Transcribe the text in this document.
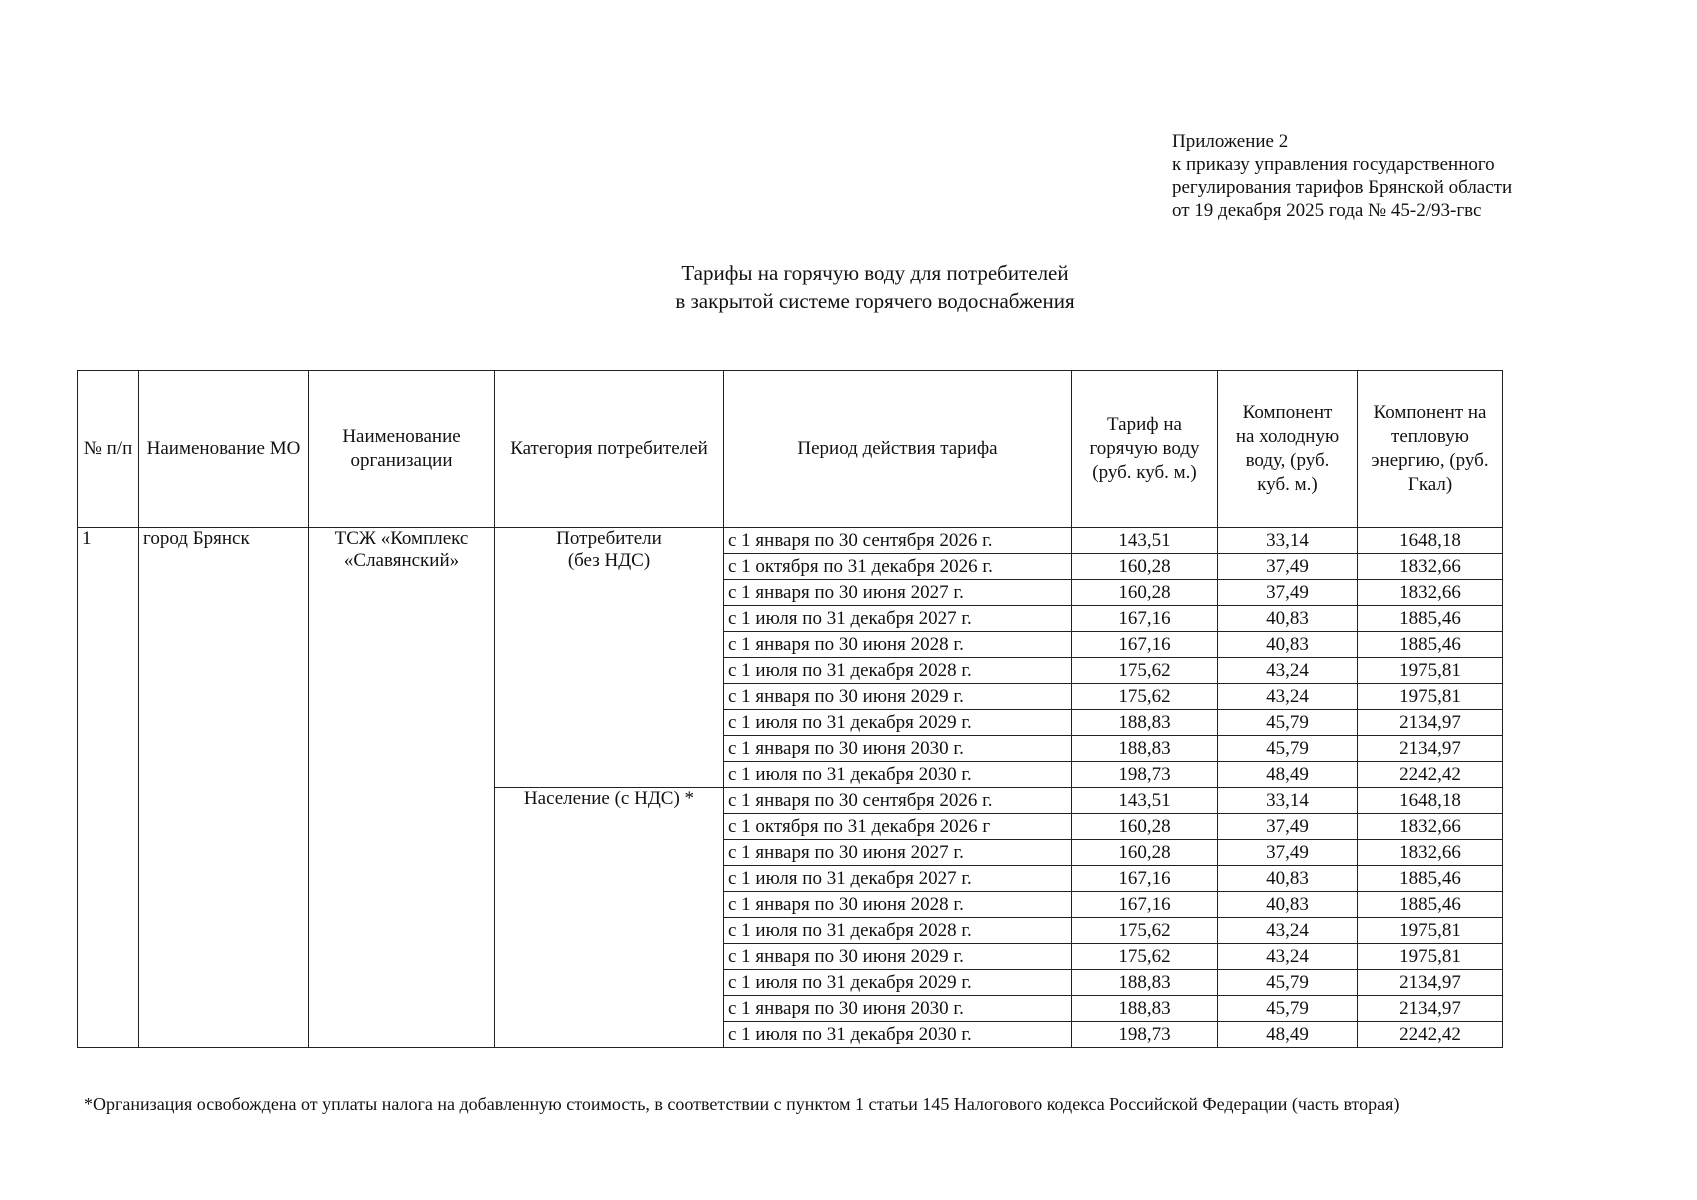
Приложение 2
к приказу управления государственного
регулирования тарифов Брянской области
от 19 декабря 2025 года № 45-2/93-гвс
Тарифы на горячую воду для потребителей
в закрытой системе горячего водоснабжения
№ п/п	Наименование МО	Наименование организации	Категория потребителей	Период действия тарифа	Тариф на горячую воду (руб. куб. м.)	Компонент на холодную воду, (руб. куб. м.)	Компонент на тепловую энергию, (руб. Гкал)
1	город Брянск	ТСЖ «Комплекс «Славянский»	Потребители (без НДС)	с 1 января по 30 сентября 2026 г.	143,51	33,14	1648,18
				с 1 октября по 31 декабря 2026 г.	160,28	37,49	1832,66
				с 1 января по 30 июня 2027 г.	160,28	37,49	1832,66
				с 1 июля по 31 декабря 2027 г.	167,16	40,83	1885,46
				с 1 января по 30 июня 2028 г.	167,16	40,83	1885,46
				с 1 июля по 31 декабря 2028 г.	175,62	43,24	1975,81
				с 1 января по 30 июня 2029 г.	175,62	43,24	1975,81
				с 1 июля по 31 декабря 2029 г.	188,83	45,79	2134,97
				с 1 января по 30 июня 2030 г.	188,83	45,79	2134,97
				с 1 июля по 31 декабря 2030 г.	198,73	48,49	2242,42
			Население (с НДС) *	с 1 января по 30 сентября 2026 г.	143,51	33,14	1648,18
				с 1 октября по 31 декабря 2026 г	160,28	37,49	1832,66
				с 1 января по 30 июня 2027 г.	160,28	37,49	1832,66
				с 1 июля по 31 декабря 2027 г.	167,16	40,83	1885,46
				с 1 января по 30 июня 2028 г.	167,16	40,83	1885,46
				с 1 июля по 31 декабря 2028 г.	175,62	43,24	1975,81
				с 1 января по 30 июня 2029 г.	175,62	43,24	1975,81
				с 1 июля по 31 декабря 2029 г.	188,83	45,79	2134,97
				с 1 января по 30 июня 2030 г.	188,83	45,79	2134,97
				с 1 июля по 31 декабря 2030 г.	198,73	48,49	2242,42
*Организация освобождена от уплаты налога на добавленную стоимость, в соответствии с пунктом 1 статьи 145 Налогового кодекса Российской Федерации (часть вторая)
